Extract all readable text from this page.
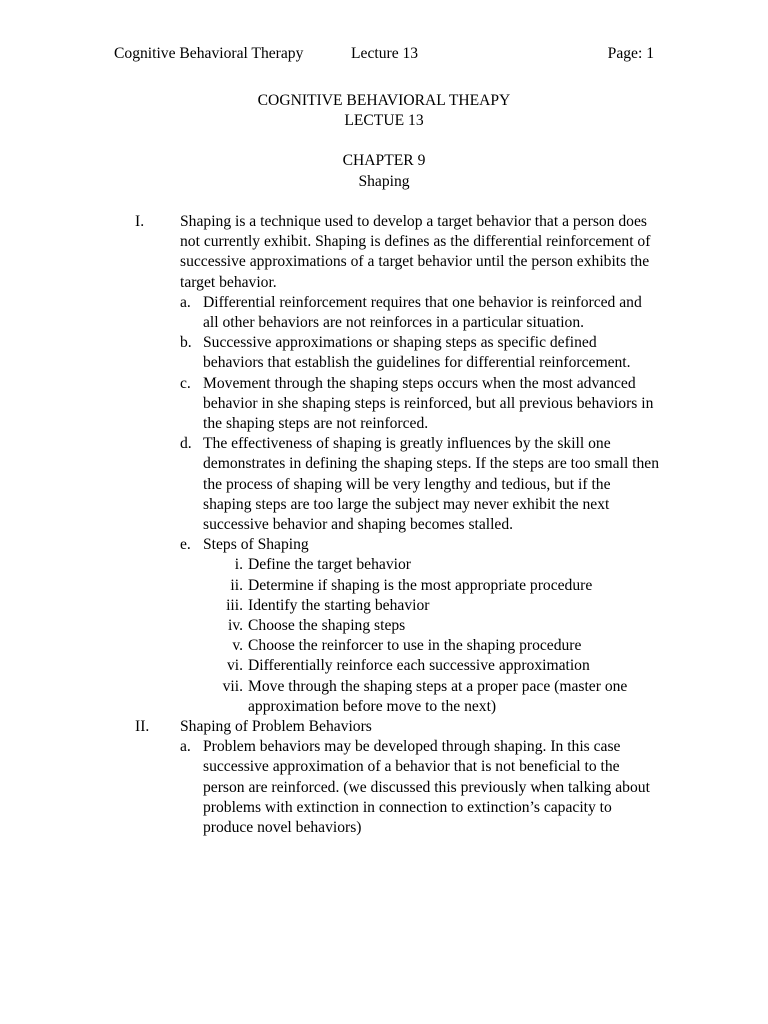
Cognitive Behavioral Therapy	Lecture 13	Page: 1
COGNITIVE BEHAVIORAL THEAPY
LECTUE 13
CHAPTER 9
Shaping
I. Shaping is a technique used to develop a target behavior that a person does not currently exhibit. Shaping is defines as the differential reinforcement of successive approximations of a target behavior until the person exhibits the target behavior.

a. Differential reinforcement requires that one behavior is reinforced and all other behaviors are not reinforces in a particular situation.
b. Successive approximations or shaping steps as specific defined behaviors that establish the guidelines for differential reinforcement.
c. Movement through the shaping steps occurs when the most advanced behavior in she shaping steps is reinforced, but all previous behaviors in the shaping steps are not reinforced.
d. The effectiveness of shaping is greatly influences by the skill one demonstrates in defining the shaping steps. If the steps are too small then the process of shaping will be very lengthy and tedious, but if the shaping steps are too large the subject may never exhibit the next successive behavior and shaping becomes stalled.
e. Steps of Shaping
i. Define the target behavior
ii. Determine if shaping is the most appropriate procedure
iii. Identify the starting behavior
iv. Choose the shaping steps
v. Choose the reinforcer to use in the shaping procedure
vi. Differentially reinforce each successive approximation
vii. Move through the shaping steps at a proper pace (master one approximation before move to the next)
II. Shaping of Problem Behaviors

a. Problem behaviors may be developed through shaping. In this case successive approximation of a behavior that is not beneficial to the person are reinforced. (we discussed this previously when talking about problems with extinction in connection to extinction’s capacity to produce novel behaviors)
